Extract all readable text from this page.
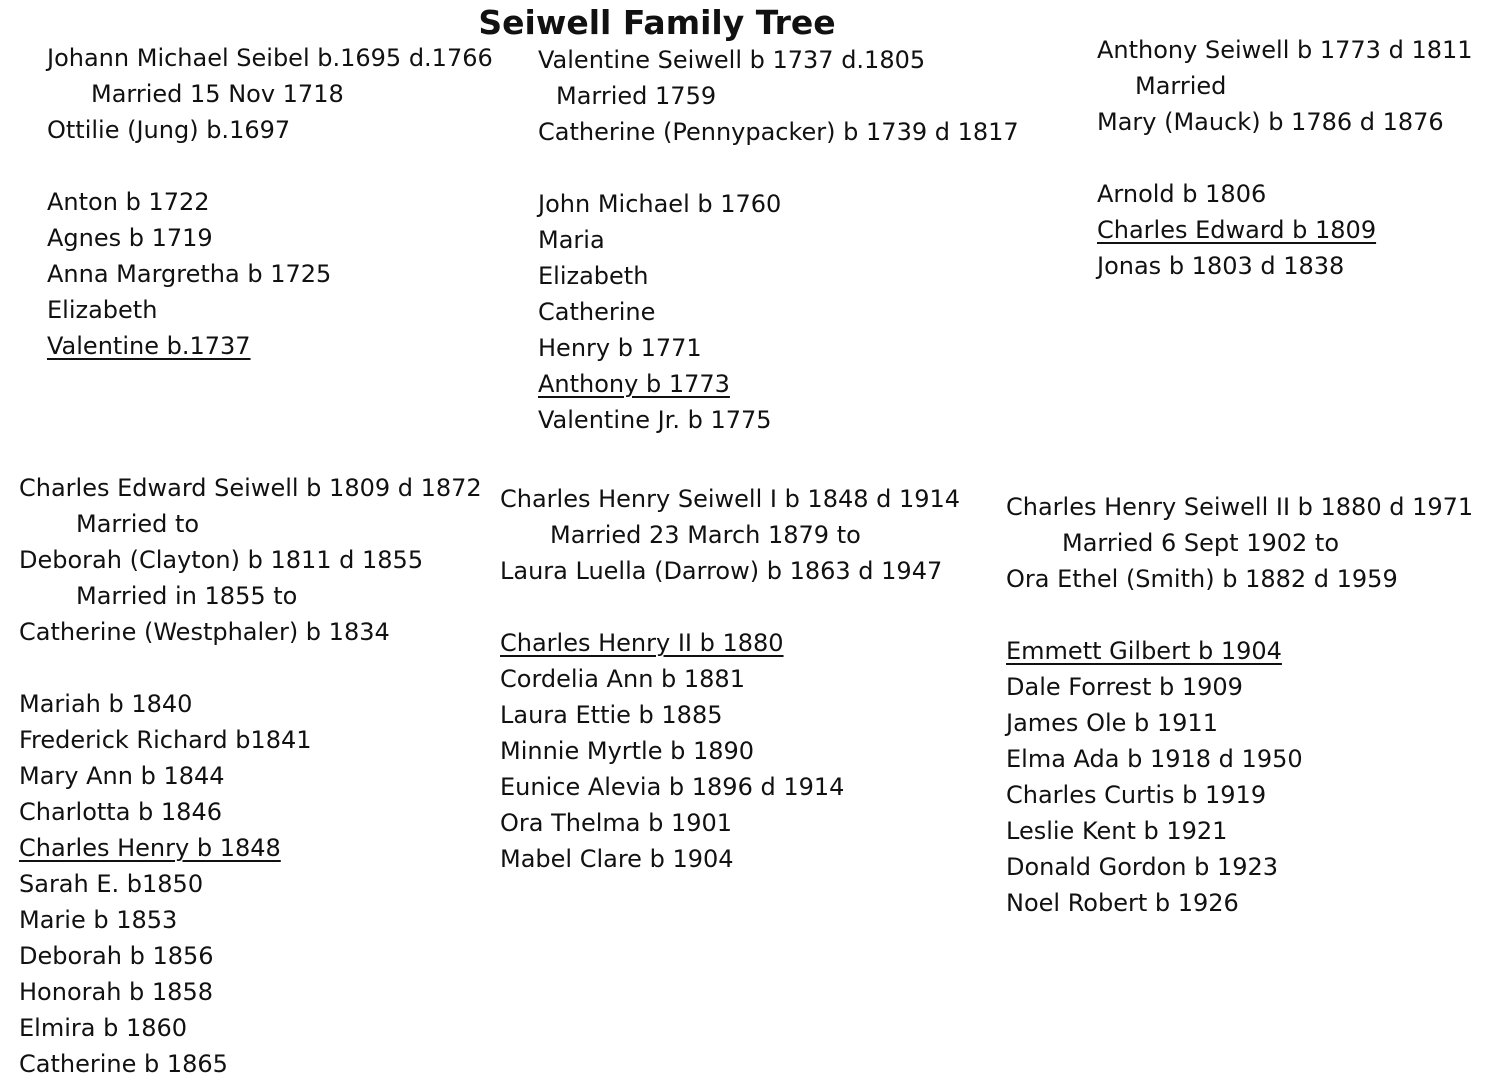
Seiwell Family Tree
Johann Michael Seibel b.1695 d.1766
Married 15 Nov 1718
Ottilie (Jung) b.1697
Anton b 1722
Agnes b 1719
Anna Margretha b 1725
Elizabeth
Valentine b.1737
Valentine Seiwell b 1737 d.1805
Married 1759
Catherine (Pennypacker) b 1739 d 1817
John Michael b 1760
Maria
Elizabeth
Catherine
Henry b 1771
Anthony b 1773
Valentine Jr. b 1775
Anthony Seiwell b 1773 d 1811
Married
Mary (Mauck) b 1786 d 1876
Arnold b 1806
Charles Edward b 1809
Jonas b 1803 d 1838
Charles Edward Seiwell b 1809 d 1872
Married to
Deborah (Clayton) b 1811 d 1855
Married in 1855 to
Catherine (Westphaler) b 1834
Mariah b 1840
Frederick Richard b1841
Mary Ann b 1844
Charlotta b 1846
Charles Henry b 1848
Sarah E. b1850
Marie b 1853
Deborah b 1856
Honorah b 1858
Elmira b 1860
Catherine b 1865
Charles Henry Seiwell I b 1848 d 1914
Married 23 March 1879 to
Laura Luella (Darrow) b 1863 d 1947
Charles Henry II b 1880
Cordelia Ann b 1881
Laura Ettie b 1885
Minnie Myrtle b 1890
Eunice Alevia b 1896 d 1914
Ora Thelma b 1901
Mabel Clare b 1904
Charles Henry Seiwell II b 1880 d 1971
Married 6 Sept 1902 to
Ora Ethel (Smith) b 1882 d 1959
Emmett Gilbert b 1904
Dale Forrest b 1909
James Ole b 1911
Elma Ada b 1918 d 1950
Charles Curtis b 1919
Leslie Kent b 1921
Donald Gordon b 1923
Noel Robert b 1926
